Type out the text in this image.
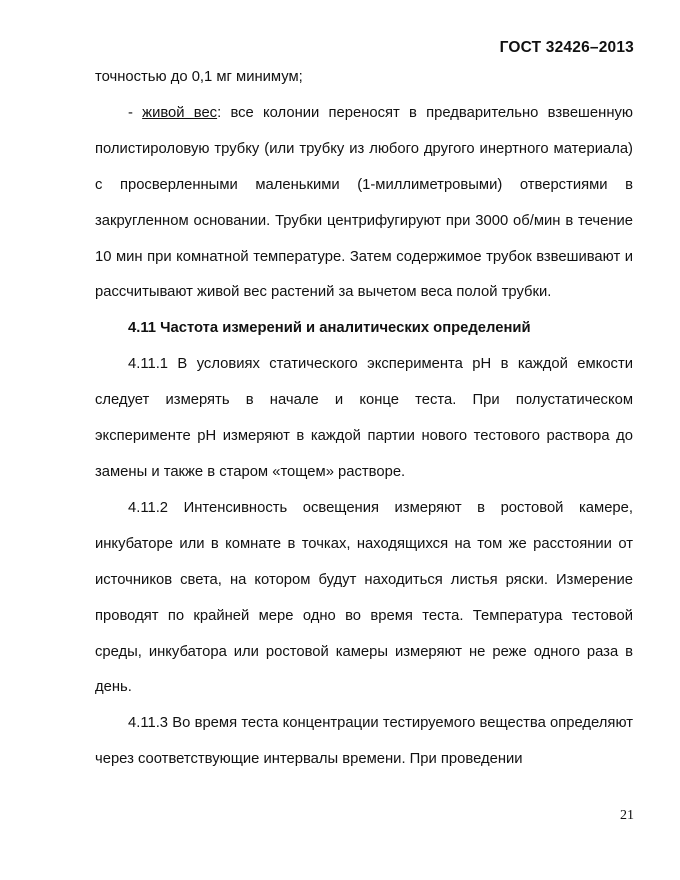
ГОСТ 32426–2013

точностью до 0,1 мг минимум;

- живой вес: все колонии переносят в предварительно взвешенную полистироловую трубку (или трубку из любого другого инертного материала) с просверленными маленькими (1-миллиметровыми) отверстиями в закругленном основании. Трубки центрифугируют при 3000 об/мин в течение 10 мин при комнатной температуре. Затем содержимое трубок взвешивают и рассчитывают живой вес растений за вычетом веса полой трубки.

4.11 Частота измерений и аналитических определений

4.11.1 В условиях статического эксперимента pH в каждой емкости следует измерять в начале и конце теста. При полустатическом эксперименте pH измеряют в каждой партии нового тестового раствора до замены и также в старом «тощем» растворе.

4.11.2 Интенсивность освещения измеряют в ростовой камере, инкубаторе или в комнате в точках, находящихся на том же расстоянии от источников света, на котором будут находиться листья ряски. Измерение проводят по крайней мере одно во время теста. Температура тестовой среды, инкубатора или ростовой камеры измеряют не реже одного раза в день.

4.11.3 Во время теста концентрации тестируемого вещества определяют через соответствующие интервалы времени. При проведении

21
